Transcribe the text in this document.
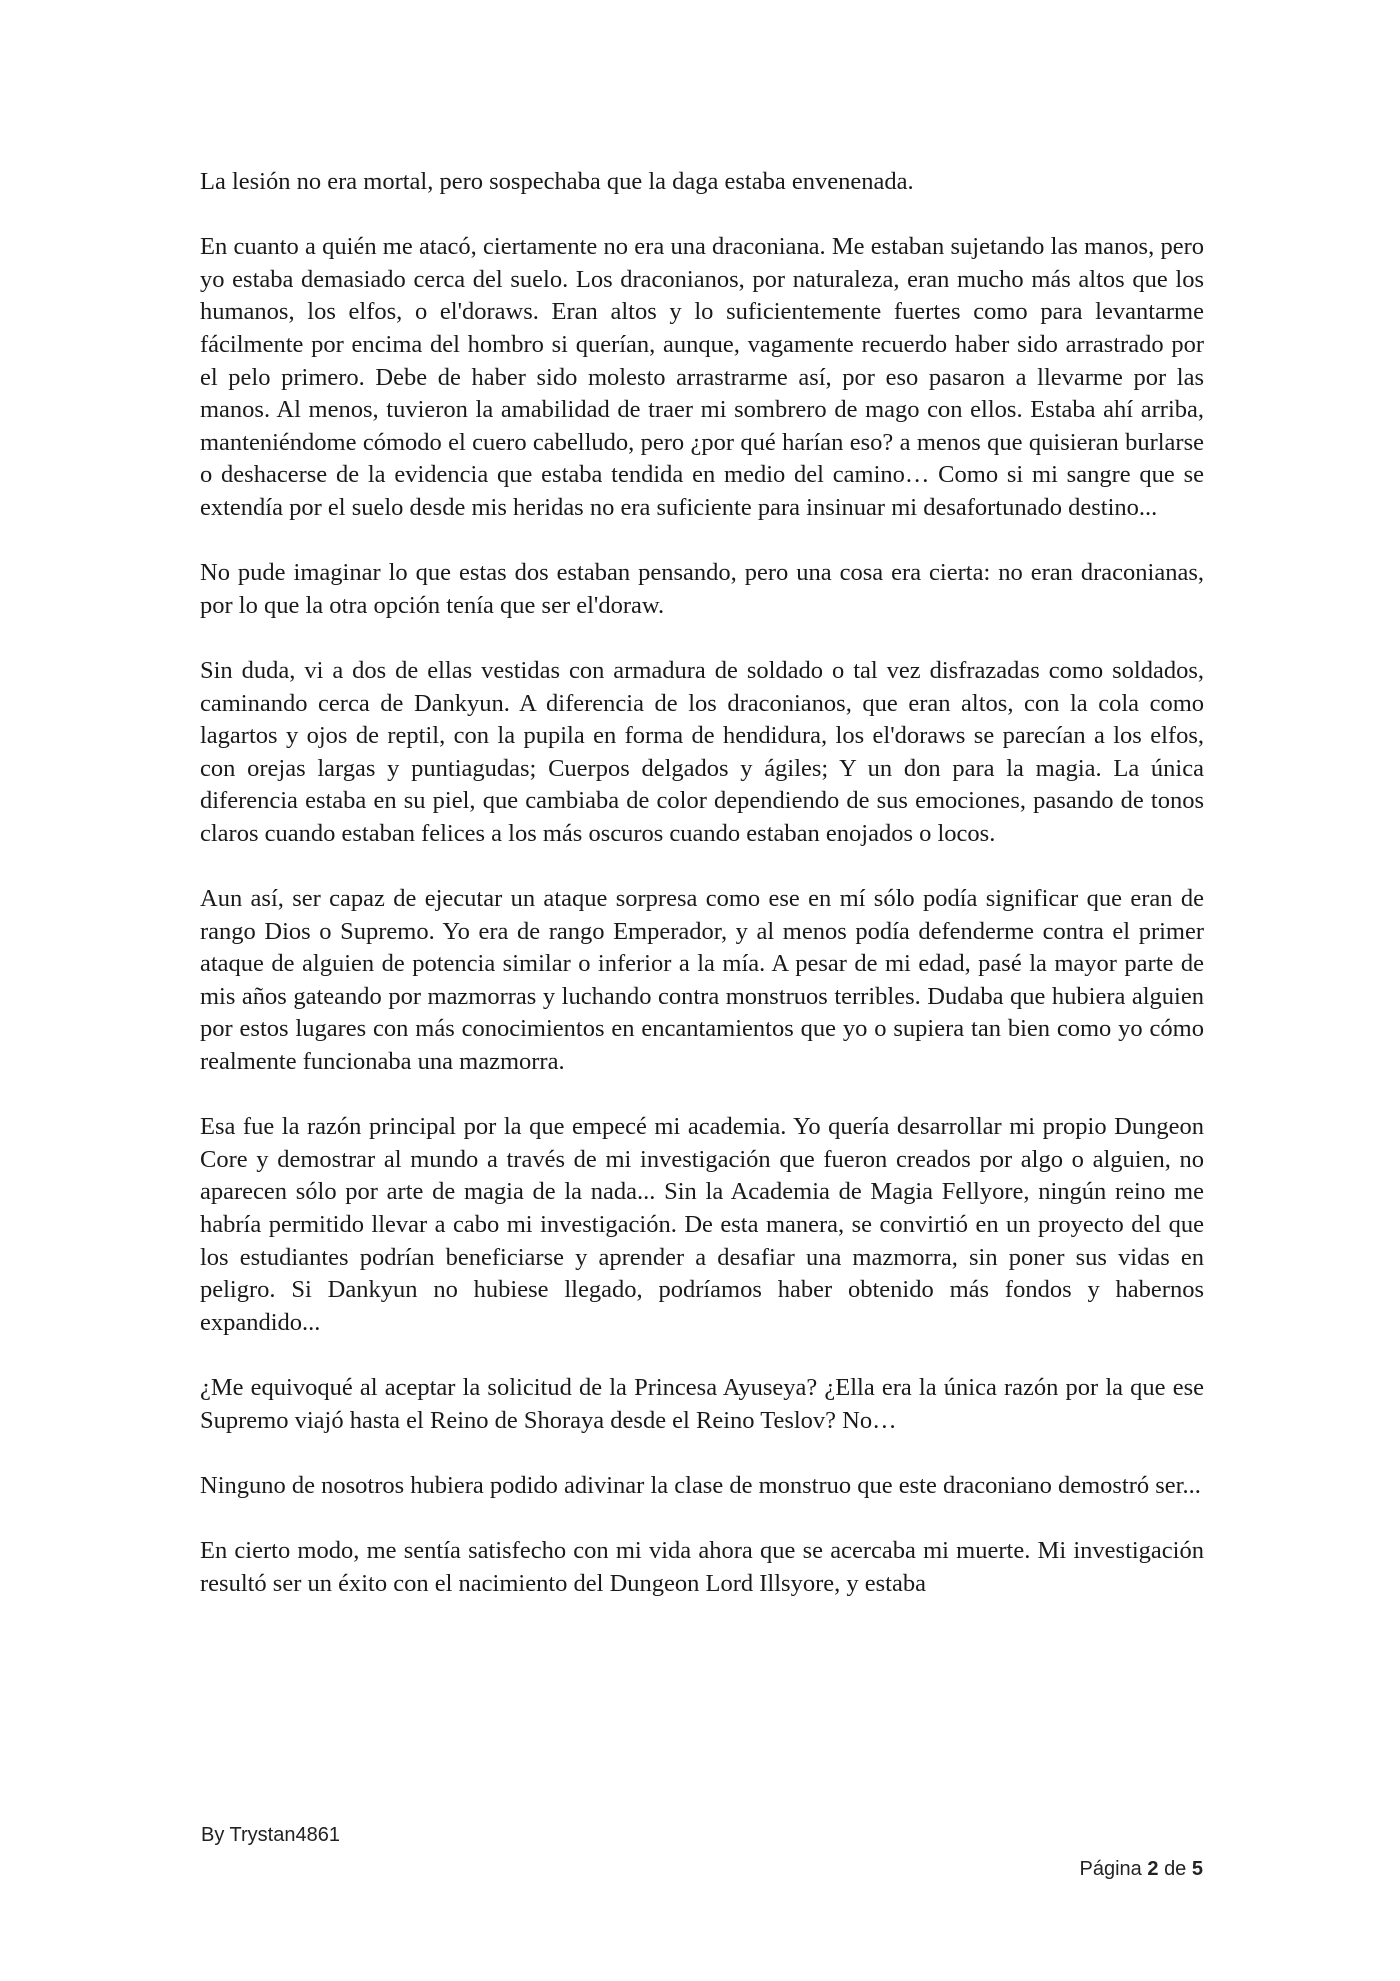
La lesión no era mortal, pero sospechaba que la daga estaba envenenada.

En cuanto a quién me atacó, ciertamente no era una draconiana. Me estaban sujetando las manos, pero yo estaba demasiado cerca del suelo. Los draconianos, por naturaleza, eran mucho más altos que los humanos, los elfos, o el'doraws. Eran altos y lo suficientemente fuertes como para levantarme fácilmente por encima del hombro si querían, aunque, vagamente recuerdo haber sido arrastrado por el pelo primero. Debe de haber sido molesto arrastrarme así, por eso pasaron a llevarme por las manos. Al menos, tuvieron la amabilidad de traer mi sombrero de mago con ellos. Estaba ahí arriba, manteniéndome cómodo el cuero cabelludo, pero ¿por qué harían eso? a menos que quisieran burlarse o deshacerse de la evidencia que estaba tendida en medio del camino… Como si mi sangre que se extendía por el suelo desde mis heridas no era suficiente para insinuar mi desafortunado destino...

No pude imaginar lo que estas dos estaban pensando, pero una cosa era cierta: no eran draconianas, por lo que la otra opción tenía que ser el'doraw.

Sin duda, vi a dos de ellas vestidas con armadura de soldado o tal vez disfrazadas como soldados, caminando cerca de Dankyun. A diferencia de los draconianos, que eran altos, con la cola como lagartos y ojos de reptil, con la pupila en forma de hendidura, los el'doraws se parecían a los elfos, con orejas largas y puntiagudas; Cuerpos delgados y ágiles; Y un don para la magia. La única diferencia estaba en su piel, que cambiaba de color dependiendo de sus emociones, pasando de tonos claros cuando estaban felices a los más oscuros cuando estaban enojados o locos.

Aun así, ser capaz de ejecutar un ataque sorpresa como ese en mí sólo podía significar que eran de rango Dios o Supremo. Yo era de rango Emperador, y al menos podía defenderme contra el primer ataque de alguien de potencia similar o inferior a la mía. A pesar de mi edad, pasé la mayor parte de mis años gateando por mazmorras y luchando contra monstruos terribles. Dudaba que hubiera alguien por estos lugares con más conocimientos en encantamientos que yo o supiera tan bien como yo cómo realmente funcionaba una mazmorra.

Esa fue la razón principal por la que empecé mi academia. Yo quería desarrollar mi propio Dungeon Core y demostrar al mundo a través de mi investigación que fueron creados por algo o alguien, no aparecen sólo por arte de magia de la nada... Sin la Academia de Magia Fellyore, ningún reino me habría permitido llevar a cabo mi investigación. De esta manera, se convirtió en un proyecto del que los estudiantes podrían beneficiarse y aprender a desafiar una mazmorra, sin poner sus vidas en peligro. Si Dankyun no hubiese llegado, podríamos haber obtenido más fondos y habernos expandido...

¿Me equivoqué al aceptar la solicitud de la Princesa Ayuseya? ¿Ella era la única razón por la que ese Supremo viajó hasta el Reino de Shoraya desde el Reino Teslov? No…

Ninguno de nosotros hubiera podido adivinar la clase de monstruo que este draconiano demostró ser...

En cierto modo, me sentía satisfecho con mi vida ahora que se acercaba mi muerte. Mi investigación resultó ser un éxito con el nacimiento del Dungeon Lord Illsyore, y estaba

By Trystan4861
Página 2 de 5
